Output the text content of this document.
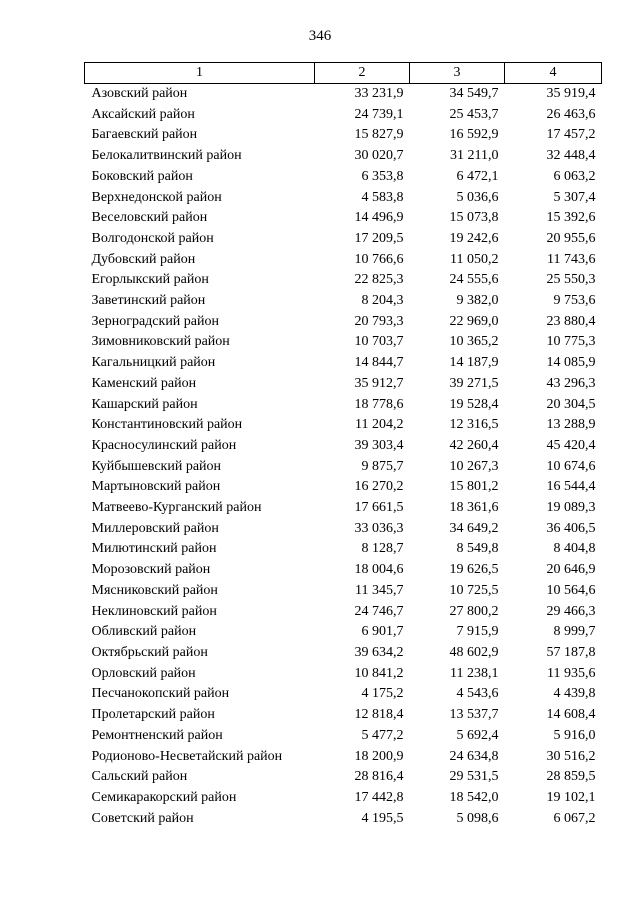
346
1	2	3	4
Азовский район	33 231,9	34 549,7	35 919,4
Аксайский район	24 739,1	25 453,7	26 463,6
Багаевский район	15 827,9	16 592,9	17 457,2
Белокалитвинский район	30 020,7	31 211,0	32 448,4
Боковский район	6 353,8	6 472,1	6 063,2
Верхнедонской район	4 583,8	5 036,6	5 307,4
Веселовский район	14 496,9	15 073,8	15 392,6
Волгодонской район	17 209,5	19 242,6	20 955,6
Дубовский район	10 766,6	11 050,2	11 743,6
Егорлыкский район	22 825,3	24 555,6	25 550,3
Заветинский район	8 204,3	9 382,0	9 753,6
Зерноградский район	20 793,3	22 969,0	23 880,4
Зимовниковский район	10 703,7	10 365,2	10 775,3
Кагальницкий район	14 844,7	14 187,9	14 085,9
Каменский район	35 912,7	39 271,5	43 296,3
Кашарский район	18 778,6	19 528,4	20 304,5
Константиновский район	11 204,2	12 316,5	13 288,9
Красносулинский район	39 303,4	42 260,4	45 420,4
Куйбышевский район	9 875,7	10 267,3	10 674,6
Мартыновский район	16 270,2	15 801,2	16 544,4
Матвеево-Курганский район	17 661,5	18 361,6	19 089,3
Миллеровский район	33 036,3	34 649,2	36 406,5
Милютинский район	8 128,7	8 549,8	8 404,8
Морозовский район	18 004,6	19 626,5	20 646,9
Мясниковский район	11 345,7	10 725,5	10 564,6
Неклиновский район	24 746,7	27 800,2	29 466,3
Обливский район	6 901,7	7 915,9	8 999,7
Октябрьский район	39 634,2	48 602,9	57 187,8
Орловский район	10 841,2	11 238,1	11 935,6
Песчанокопский район	4 175,2	4 543,6	4 439,8
Пролетарский район	12 818,4	13 537,7	14 608,4
Ремонтненский район	5 477,2	5 692,4	5 916,0
Родионово-Несветайский район	18 200,9	24 634,8	30 516,2
Сальский район	28 816,4	29 531,5	28 859,5
Семикаракорский район	17 442,8	18 542,0	19 102,1
Советский район	4 195,5	5 098,6	6 067,2
